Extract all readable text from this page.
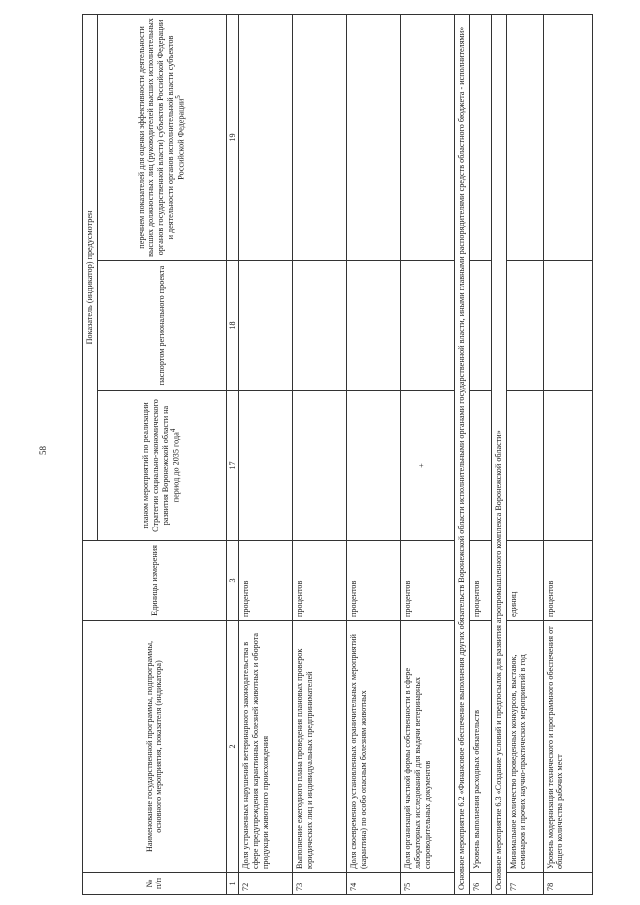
58
№ п/п	Наименование государственной программы, подпрограммы, основного мероприятия, показателя (индикатора)	Единицы измерения	Показатель (индикатор) предусмотрен		
			планом мероприятий по реализации Стратегии социально-экономического развития Воронежской области на период до 2035 года$^4$	паспортом регионального проекта	перечнем показателей для оценки эффективности деятельности высших должностных лиц (руководителей высших исполнительных органов государственной власти) субъектов Российской Федерации и деятельности органов исполнительной власти субъектов Российской Федерации$^5$
1	2	3	17	18	19
72	Доля устраненных нарушений ветеринарного законодательства в сфере предупреждения карантинных болезней животных и оборота продукции животного происхождения	процентов			
73	Выполнение ежегодного плана проведения плановых проверок юридических лиц и индивидуальных предпринимателей	процентов			
74	Доля своевременно установленных ограничительных мероприятий (карантина) по особо опасным болезням животных	процентов			
75	Доля организаций частной формы собственности в сфере лабораторных исследований для выдачи ветеринарных сопроводительных документов	процентов	+		

Основное мероприятие 6.2 «Финансовое обеспечение выполнения других обязательств Воронежской области исполнительными органами государственной власти, иными главными распорядителями средств областного бюджета - исполнителями»					
76	Уровень выполнения расходных обязательств	процентов			
Основное мероприятие 6.3 «Создание условий и предпосылок для развития агропромышленного комплекса Воронежской области»					
77	Минимальное количество проведенных конкурсов, выставок, семинаров и прочих научно-практических мероприятий в год	единиц			
78	Уровень модернизации технического и программного обеспечения от общего количества рабочих мест	процентов			
